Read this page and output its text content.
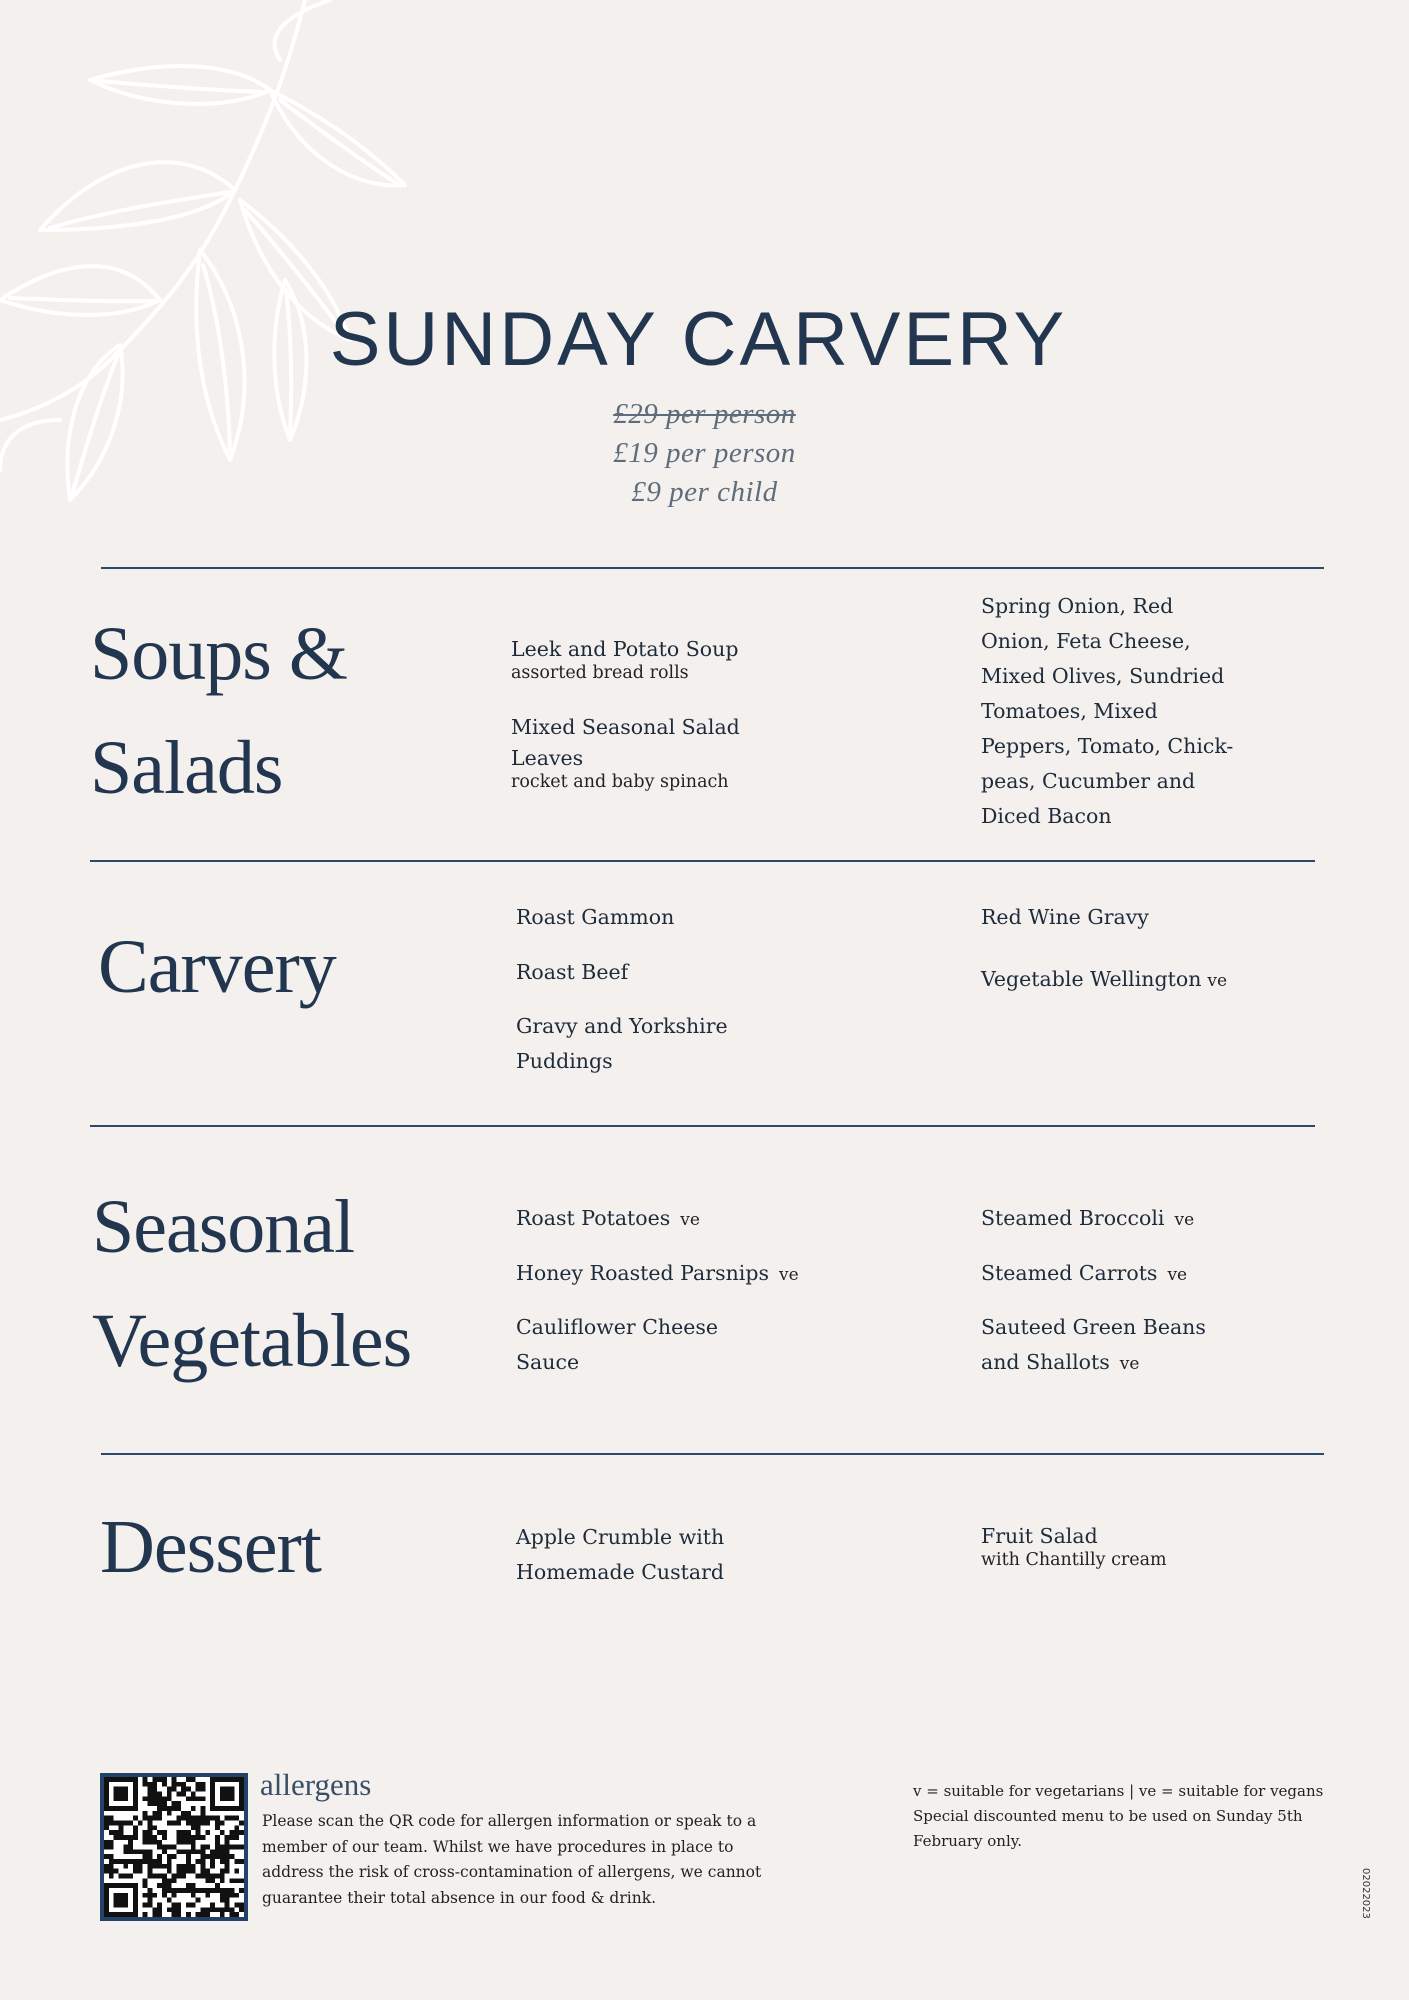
SUNDAY CARVERY
£29 per person
£19 per person
£9 per child
Soups &
Salads
Leek and Potato Soup
assorted bread rolls
Mixed Seasonal Salad Leaves
rocket and baby spinach
Spring Onion, Red Onion, Feta Cheese, Mixed Olives, Sundried Tomatoes, Mixed Peppers, Tomato, Chick-peas, Cucumber and Diced Bacon
Carvery
Roast Gammon
Roast Beef
Gravy and Yorkshire Puddings
Red Wine Gravy
Vegetable Wellington ve
Seasonal
Vegetables
Roast Potatoes ve
Honey Roasted Parsnips ve
Cauliflower Cheese Sauce
Steamed Broccoli ve
Steamed Carrots ve
Sauteed Green Beans and Shallots ve
Dessert	Apple Crumble with Homemade Custard
Fruit Salad
with Chantilly cream
allergens
Please scan the QR code for allergen information or speak to a member of our team. Whilst we have procedures in place to address the risk of cross-contamination of allergens, we cannot guarantee their total absence in our food & drink.
v = suitable for vegetarians | ve = suitable for vegans
Special discounted menu to be used on Sunday 5th February only.
02022023
